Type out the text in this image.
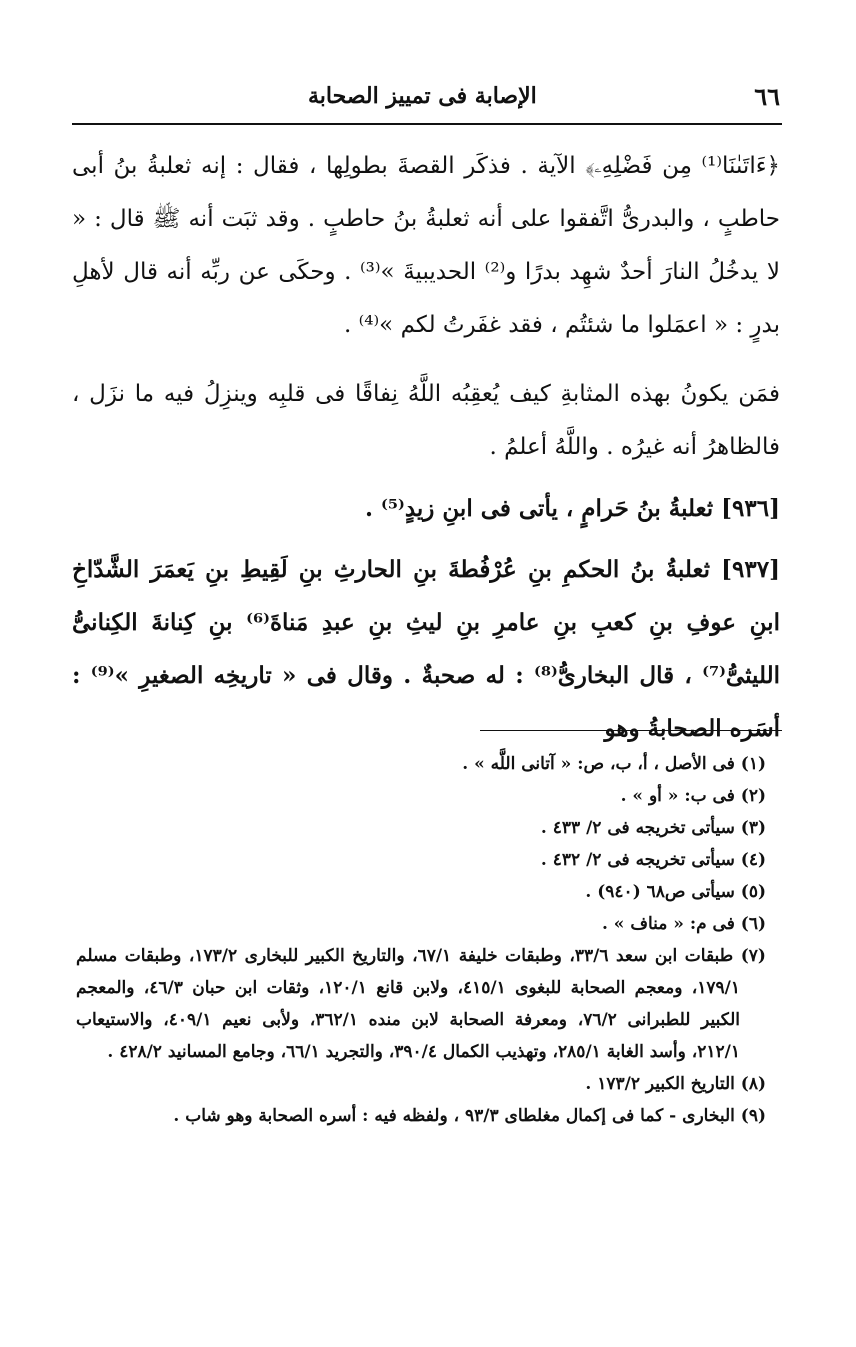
٦٦
الإصابة فى تمييز الصحابة

﴿ءَاتَىٰنَا⁽¹⁾ مِن فَضْلِهِۦ﴾ الآية . فذكَر القصةَ بطولِها ، فقال : إنه ثعلبةُ بنُ أبى حاطبٍ ، والبدرىُّ اتَّفقوا على أنه ثعلبةُ بنُ حاطبٍ . وقد ثبَت أنه ﷺ قال : « لا يدخُلُ النارَ أحدٌ شهِد بدرًا و⁽²⁾ الحديبيةَ »⁽³⁾ . وحكَى عن ربِّه أنه قال لأهلِ بدرٍ : « اعمَلوا ما شئتُم ، فقد غفَرتُ لكم »⁽⁴⁾ .

فمَن يكونُ بهذه المثابةِ كيف يُعقِبُه اللَّهُ نِفاقًا فى قلبِه وينزِلُ فيه ما نزَل ، فالظاهرُ أنه غيرُه . واللَّهُ أعلمُ .

[٩٣٦] ثعلبةُ بنُ حَرامٍ ، يأتى فى ابنِ زيدٍ⁽⁵⁾ .

[٩٣٧] ثعلبةُ بنُ الحكمِ بنِ عُرْفُطةَ بنِ الحارثِ بنِ لَقِيطِ بنِ يَعمَرَ الشَّدّاخِ ابنِ عوفِ بنِ كعبِ بنِ عامرِ بنِ ليثِ بنِ عبدِ مَناةَ⁽⁶⁾ بنِ كِنانةَ الكِنانىُّ الليثىُّ⁽⁷⁾ ، قال البخارىُّ⁽⁸⁾ : له صحبةٌ . وقال فى « تاريخِه الصغيرِ »⁽⁹⁾ : أسَره الصحابةُ وهو

(١) فى الأصل ، أ، ب، ص: « آتانى اللَّه » .

(٢) فى ب: « أو » .

(٣) سيأتى تخريجه فى ٢/ ٤٣٣ .

(٤) سيأتى تخريجه فى ٢/ ٤٣٢ .

(٥) سيأتى ص٦٨ (٩٤٠) .

(٦) فى م: « مناف » .

(٧) طبقات ابن سعد ٣٣/٦، وطبقات خليفة ٦٧/١، والتاريخ الكبير للبخارى ١٧٣/٢، وطبقات مسلم ١٧٩/١، ومعجم الصحابة للبغوى ٤١٥/١، ولابن قانع ١٢٠/١، وثقات ابن حبان ٤٦/٣، والمعجم الكبير للطبرانى ٧٦/٢، ومعرفة الصحابة لابن منده ٣٦٢/١، ولأبى نعيم ٤٠٩/١، والاستيعاب ٢١٢/١، وأسد الغابة ٢٨٥/١، وتهذيب الكمال ٣٩٠/٤، والتجريد ٦٦/١، وجامع المسانيد ٤٢٨/٢ .

(٨) التاريخ الكبير ١٧٣/٢ .

(٩) البخارى - كما فى إكمال مغلطاى ٩٣/٣ ، ولفظه فيه : أسره الصحابة وهو شاب .
